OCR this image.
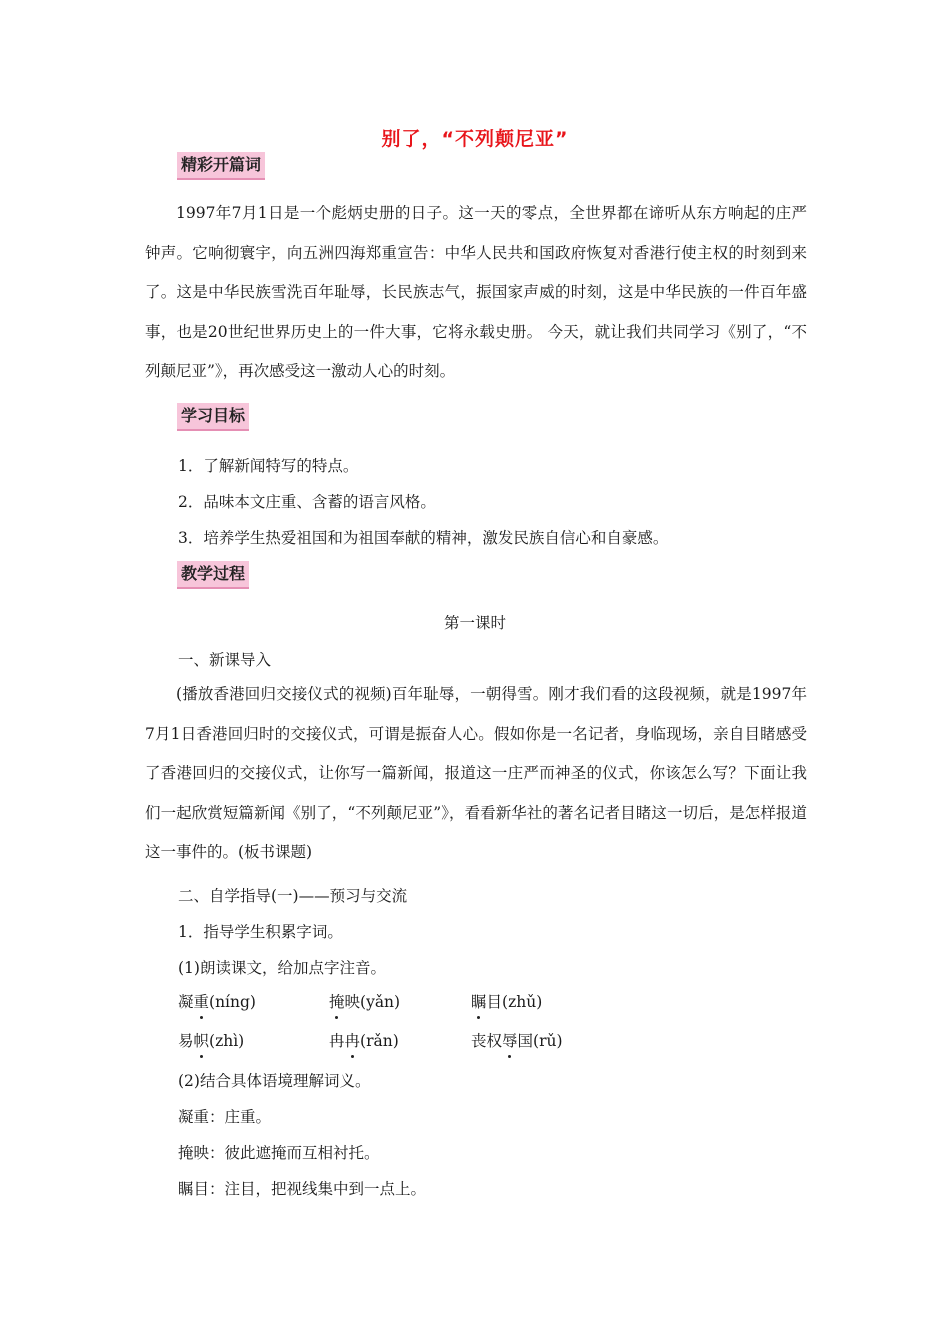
别了，“不列颠尼亚”
精彩开篇词

1997年7月1日是一个彪炳史册的日子。这一天的零点，全世界都在谛听从东方响起的庄严钟声。它响彻寰宇，向五洲四海郑重宣告：中华人民共和国政府恢复对香港行使主权的时刻到来了。这是中华民族雪洗百年耻辱，长民族志气，振国家声威的时刻，这是中华民族的一件百年盛事，也是20世纪世界历史上的一件大事，它将永载史册。 今天，就让我们共同学习《别了，“不列颠尼亚”》，再次感受这一激动人心的时刻。

学习目标
1．了解新闻特写的特点。
2．品味本文庄重、含蓄的语言风格。
3．培养学生热爱祖国和为祖国奉献的精神，激发民族自信心和自豪感。
教学过程
第一课时
一、新课导入

(播放香港回归交接仪式的视频)百年耻辱，一朝得雪。刚才我们看的这段视频，就是1997年7月1日香港回归时的交接仪式，可谓是振奋人心。假如你是一名记者，身临现场，亲自目睹感受了香港回归的交接仪式，让你写一篇新闻，报道这一庄严而神圣的仪式，你该怎么写？下面让我们一起欣赏短篇新闻《别了，“不列颠尼亚”》，看看新华社的著名记者目睹这一切后，是怎样报道这一事件的。(板书课题)

二、自学指导(一)——预习与交流
1．指导学生积累字词。
(1)朗读课文，给加点字注音。
凝重(níng)	掩映(yǎn)	瞩目(zhǔ)
易帜(zhì)	冉冉(rǎn)	丧权辱国(rǔ)
(2)结合具体语境理解词义。
凝重：庄重。
掩映：彼此遮掩而互相衬托。
瞩目：注目，把视线集中到一点上。
